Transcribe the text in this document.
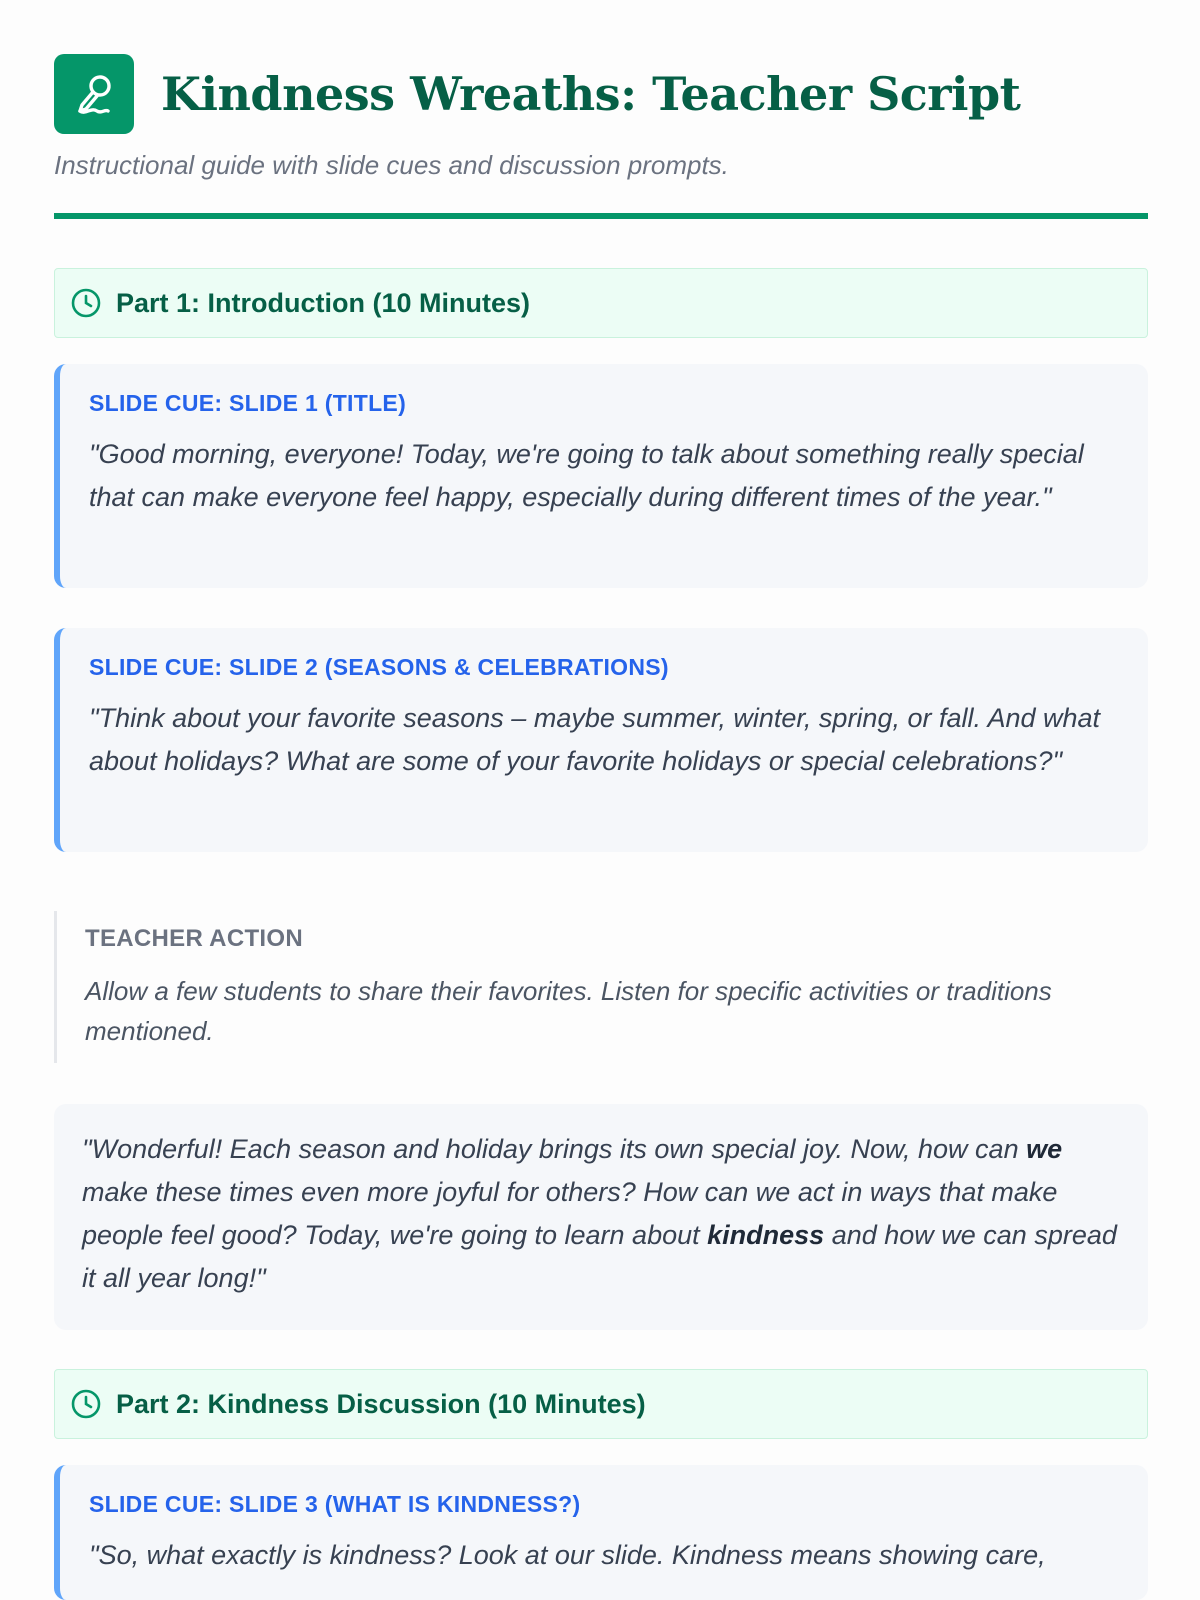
Kindness Wreaths: Teacher Script
Instructional guide with slide cues and discussion prompts.
Part 1: Introduction (10 Minutes)
SLIDE CUE: SLIDE 1 (TITLE)
"Good morning, everyone! Today, we're going to talk about something really special that can make everyone feel happy, especially during different times of the year."
SLIDE CUE: SLIDE 2 (SEASONS & CELEBRATIONS)
"Think about your favorite seasons – maybe summer, winter, spring, or fall. And what about holidays? What are some of your favorite holidays or special celebrations?"
TEACHER ACTION
Allow a few students to share their favorites. Listen for specific activities or traditions mentioned.
"Wonderful! Each season and holiday brings its own special joy. Now, how can we make these times even more joyful for others? How can we act in ways that make people feel good? Today, we're going to learn about kindness and how we can spread it all year long!"
Part 2: Kindness Discussion (10 Minutes)
SLIDE CUE: SLIDE 3 (WHAT IS KINDNESS?)
"So, what exactly is kindness? Look at our slide. Kindness means showing care,
